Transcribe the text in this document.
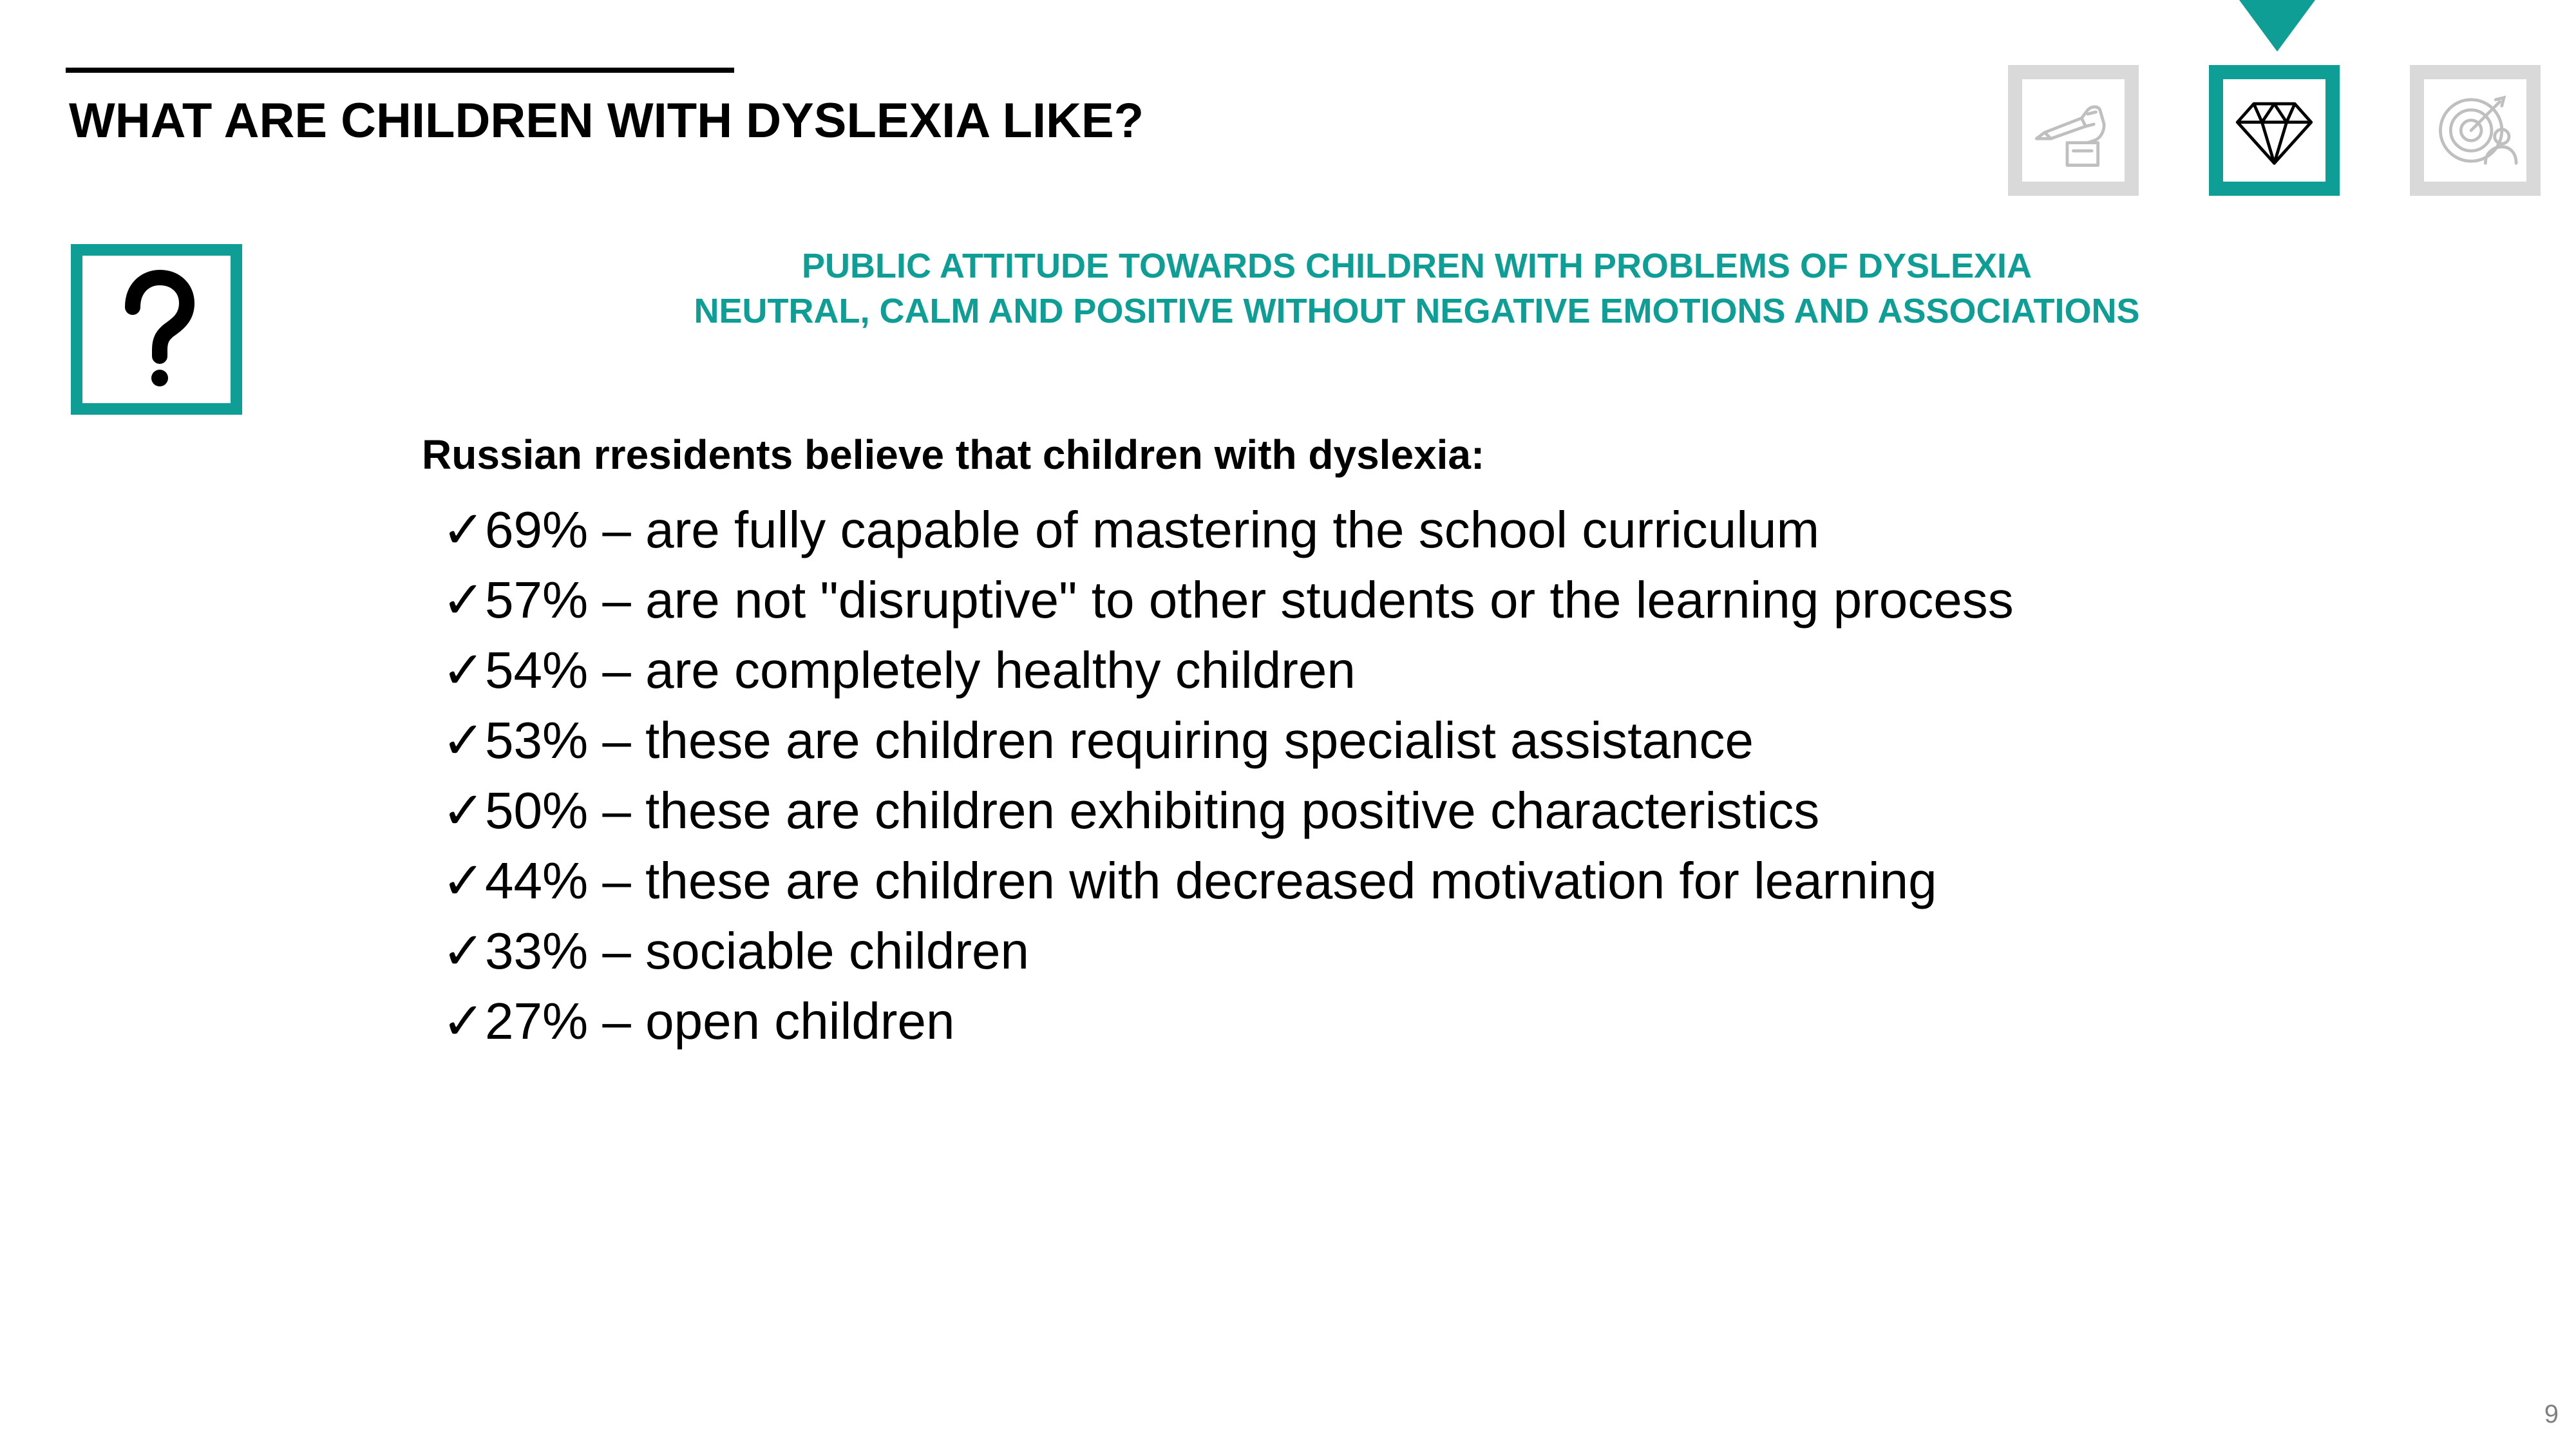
WHAT ARE CHILDREN WITH DYSLEXIA LIKE?
PUBLIC ATTITUDE TOWARDS CHILDREN WITH PROBLEMS OF DYSLEXIA
NEUTRAL, CALM AND POSITIVE WITHOUT NEGATIVE EMOTIONS AND ASSOCIATIONS
Russian rresidents believe that children with dyslexia:
✓69% – are fully capable of mastering the school curriculum
✓57% – are not "disruptive" to other students or the learning process
✓54% – are completely healthy children
✓53% – these are children requiring specialist assistance
✓50% – these are children exhibiting positive characteristics
✓44% – these are children with decreased motivation for learning
✓33% – sociable children
✓27% – open children
9
